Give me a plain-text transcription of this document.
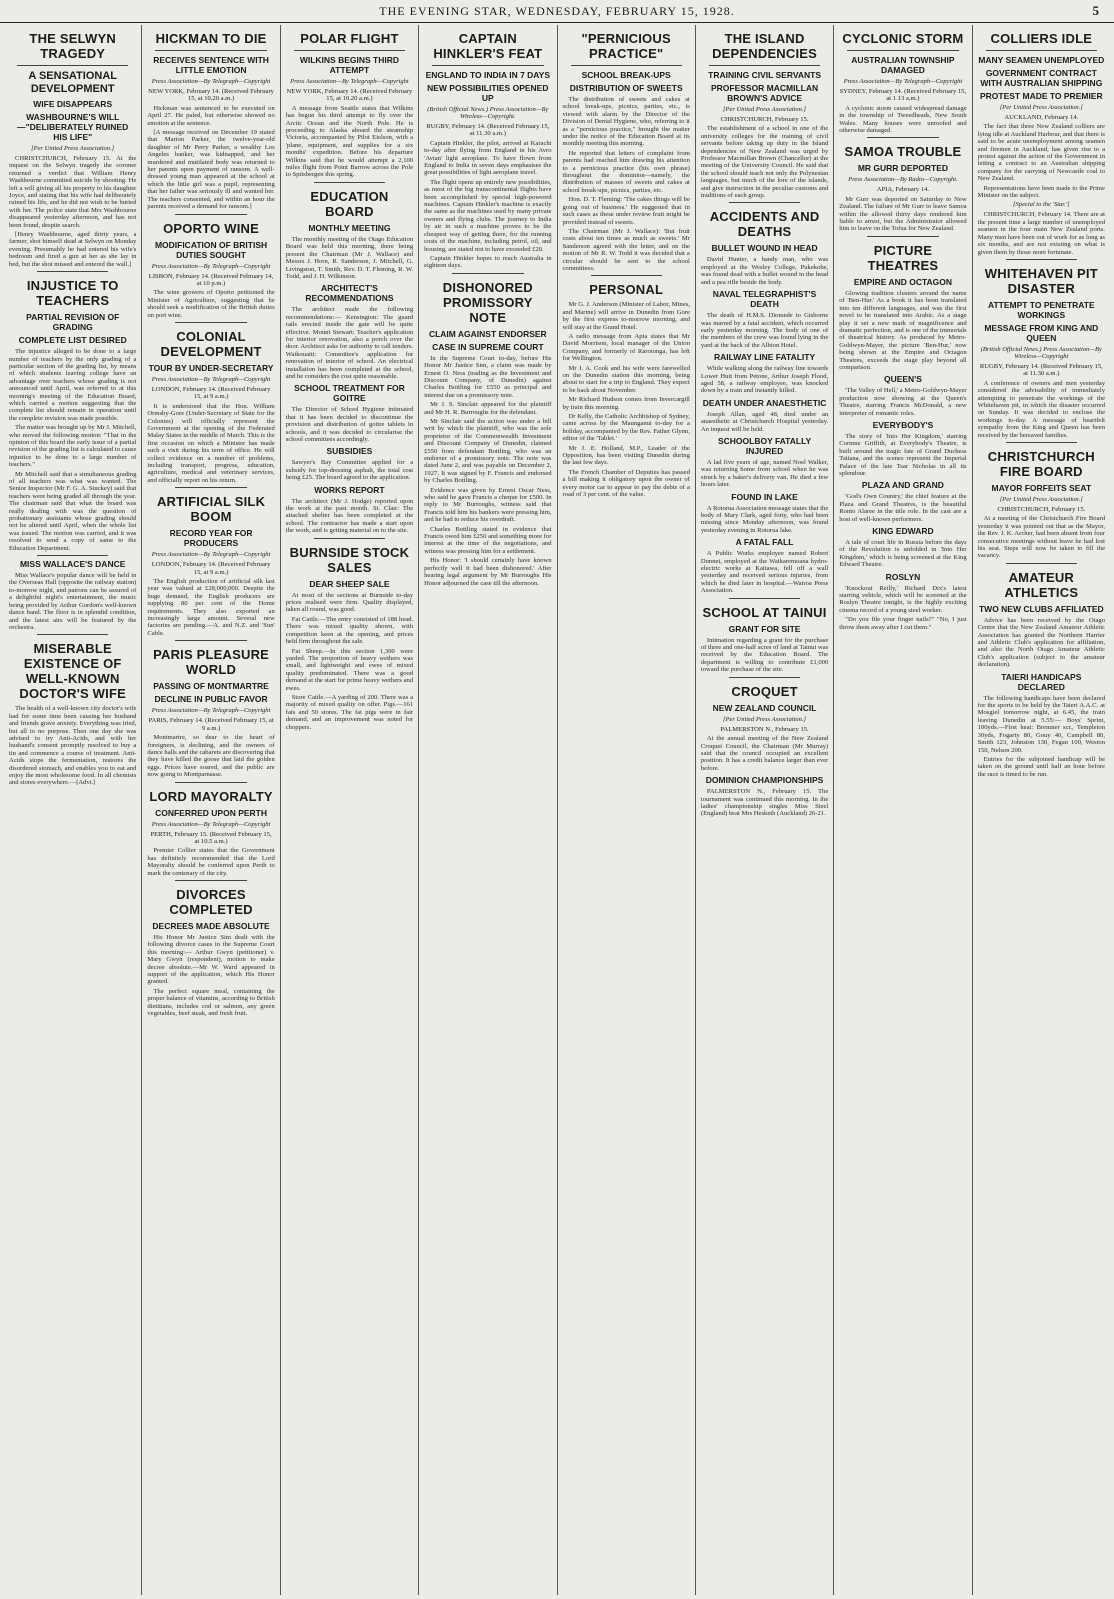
THE EVENING STAR, WEDNESDAY, FEBRUARY 15, 1928.	5
THE SELWYN TRAGEDY
A SENSATIONAL DEVELOPMENT
WIFE DISAPPEARS
WASHBOURNE'S WILL—"DELIBERATELY RUINED HIS LIFE"
[Per United Press Association.]

CHRISTCHURCH, February 15. At the inquest on the Selwyn tragedy the coroner returned a verdict that William Henry Washbourne committed suicide by shooting. He left a will giving all his property to his daughter Joyce, and stating that his wife had deliberately ruined his life, and he did not wish to be buried with her. The police state that Mrs Washbourne disappeared yesterday afternoon, and has not been found, despite search.

[Henry Washbourne, aged thirty years, a farmer, shot himself dead at Selwyn on Monday evening. Presumably he had entered his wife's bedroom and fired a gun at her as she lay in bed, but the shot missed and entered the wall.]

INJUSTICE TO TEACHERS
PARTIAL REVISION OF GRADING
COMPLETE LIST DESIRED

The injustice alleged to be done to a large number of teachers by the only grading of a particular section of the grading list, by means of which students leaving college have an advantage over teachers whose grading is not announced until April, was referred to at this morning's meeting of the Education Board, which carried a motion suggesting that the complete list should remain in operation until the complete revision was made possible.

The matter was brought up by Mr J. Mitchell, who moved the following motion: "That in the opinion of this board the early issue of a partial revision of the grading list is calculated to cause injustice to be done to a large number of teachers."

Mr Mitchell said that a simultaneous grading of all teachers was what was wanted. The Senior Inspector (Mr F. G. A. Stuckey) said that teachers were being graded all through the year. The chairman said that what the board was really dealing with was the question of probationary assistants whose grading should not be altered until April, when the whole list was issued. The motion was carried, and it was resolved to send a copy of same to the Education Department.

MISS WALLACE'S DANCE

Miss Wallace's popular dance will be held in the Overseas Hall (opposite the railway station) to-morrow night, and patrons can be assured of a delightful night's entertainment, the music being provided by Arthur Gordon's well-known dance band. The floor is in splendid condition, and the latest airs will be featured by the orchestra.

MISERABLE EXISTENCE OF WELL-KNOWN DOCTOR'S WIFE

The health of a well-known city doctor's wife had for some time been causing her husband and friends grave anxiety. Everything was tried, but all to no purpose. Then one day she was advised to try Anti-Acids, and with her husband's consent promptly resolved to buy a tin and commence a course of treatment. Anti-Acids stops the fermentation, restores the disordered stomach, and enables you to eat and enjoy the most wholesome food. In all chemists and stores everywhere.—[Advt.]

HICKMAN TO DIE
RECEIVES SENTENCE WITH LITTLE EMOTION
Press Association—By Telegraph—Copyright
NEW YORK, February 14. (Received February 15, at 10.20 a.m.)

Hickman was sentenced to be executed on April 27. He paled, but otherwise showed no emotion at the sentence.

[A message received on December 19 stated that Marion Parker, the twelve-year-old daughter of Mr Perry Parker, a wealthy Los Angeles banker, was kidnapped, and her murdered and mutilated body was returned to her parents upon payment of ransom. A well-dressed young man appeared at the school at which the little girl was a pupil, representing that her father was seriously ill and wanted her. The teachers consented, and within an hour the parents received a demand for ransom.]

OPORTO WINE
MODIFICATION OF BRITISH DUTIES SOUGHT
Press Association—By Telegraph—Copyright
LISBON, February 14. (Received February 14, at 10 p.m.)

The wine growers of Oporto petitioned the Minister of Agriculture, suggesting that he should seek a modification of the British duties on port wine.

COLONIAL DEVELOPMENT
TOUR BY UNDER-SECRETARY
Press Association—By Telegraph—Copyright
LONDON, February 14. (Received February 15, at 9 a.m.)

It is understood that the Hon. William Ormsby-Gore (Under-Secretary of State for the Colonies) will officially represent the Government at the opening of the Federated Malay States in the middle of March. This is the first occasion on which a Minister has made such a visit during his term of office. He will collect evidence on a number of problems, including transport, progress, education, agriculture, medical and veterinary services, and officially report on his return.

ARTIFICIAL SILK BOOM
RECORD YEAR FOR PRODUCERS
Press Association—By Telegraph—Copyright
LONDON, February 14. (Received February 15, at 9 a.m.)

The English production of artificial silk last year was valued at £28,000,000. Despite the huge demand, the English producers are supplying 80 per cent of the Home requirements. They also exported an increasingly large amount. Several new factories are pending.—A. and N.Z. and 'Sun' Cable.

PARIS PLEASURE WORLD
PASSING OF MONTMARTRE
DECLINE IN PUBLIC FAVOR
Press Association—By Telegraph—Copyright
PARIS, February 14. (Received February 15, at 9 a.m.)

Montmartre, so dear to the heart of foreigners, is declining, and the owners of dance halls and the cabarets are discovering that they have killed the goose that laid the golden eggs. Prices have soared, and the public are now going to Montparnasse.

LORD MAYORALTY
CONFERRED UPON PERTH
Press Association—By Telegraph—Copyright
PERTH, February 15. (Received February 15, at 10.5 a.m.)

Premier Collier states that the Government has definitely recommended that the Lord Mayoralty should be conferred upon Perth to mark the centenary of the city.

DIVORCES COMPLETED
DECREES MADE ABSOLUTE

His Honor Mr Justice Sim dealt with the following divorce cases in the Supreme Court this morning:— Arthur Gwyn (petitioner) v. Mary Gwyn (respondent), motion to make decree absolute.—Mr W. Ward appeared in support of the application, which His Honor granted.

The perfect square meal, containing the proper balance of vitamins, according to British dietitians, includes cod or salmon, any green vegetables, beef steak, and fresh fruit.

POLAR FLIGHT
WILKINS BEGINS THIRD ATTEMPT
Press Association—By Telegraph—Copyright
NEW YORK, February 14. (Received February 15, at 10.20 a.m.)

A message from Seattle states that Wilkins has begun his third attempt to fly over the Arctic Ocean and the North Pole. He is proceeding to Alaska aboard the steamship Victoria, accompanied by Pilot Eielson, with a 'plane, equipment, and supplies for a six months' expedition. Before his departure Wilkins said that he would attempt a 2,100 miles flight from Point Barrow across the Pole to Spitsbergen this spring.

EDUCATION BOARD
MONTHLY MEETING

The monthly meeting of the Otago Education Board was held this morning, there being present the Chairman (Mr J. Wallace) and Messrs J. Horn, R. Sanderson, J. Mitchell, G. Livingston, T. Smith, Rev. D. T. Fleming, R. W. Todd, and J. H. Wilkinson.

ARCHITECT'S RECOMMENDATIONS

The architect made the following recommendations:— Kensington: The guard rails erected inside the gate will be quite effective. Mount Stewart: Teacher's application for interior renovation, also a porch over the door. Architect asks for authority to call tenders. Waikouaiti: Committee's application for renovation of interior of school. An electrical installation has been completed at the school, and he considers the cost quite reasonable.

SCHOOL TREATMENT FOR GOITRE

The Director of School Hygiene intimated that it has been decided to discontinue the provision and distribution of goitre tablets in schools, and it was decided to circularise the school committees accordingly.

SUBSIDIES

Sawyer's Bay Committee applied for a subsidy for top-dressing asphalt, the total cost being £25. The board agreed to the application.

WORKS REPORT

The architect (Mr J. Hodge) reported upon the work at the past month. St. Clair: The attached shelter has been completed at the school. The contractor has made a start upon the work, and is getting material on to the site.

BURNSIDE STOCK SALES
DEAR SHEEP SALE

At most of the sections at Burnside to-day prices realised were firm. Quality displayed, taken all round, was good.

Fat Cattle.—The entry consisted of 188 head. There was mixed quality shown, with competition keen at the opening, and prices held firm throughout the sale.

Fat Sheep.—In this section 1,300 were yarded. The proportion of heavy wethers was small, and lightweight and ewes of mixed quality predominated. There was a good demand at the start for prime heavy wethers and ewes.

Store Cattle.—A yarding of 200. There was a majority of mixed quality on offer. Pigs.—161 fats and 50 stores. The fat pigs were in fair demand, and an improvement was noted for choppers.

CAPTAIN HINKLER'S FEAT
ENGLAND TO INDIA IN 7 DAYS
NEW POSSIBILITIES OPENED UP
(British Official News.) Press Association—By Wireless—Copyright.
RUGBY, February 14. (Received February 15, at 11.30 a.m.)

Captain Hinkler, the pilot, arrived at Karachi to-day after flying from England in his Avro 'Avian' light aeroplane. To have flown from England to India in seven days emphasises the great possibilities of light aeroplane travel.

The flight opens up entirely new possibilities, as most of the big transcontinental flights have been accomplished by special high-powered machines. Captain Hinkler's machine is exactly the same as the machines used by many private owners and flying clubs. The journey to India by air in such a machine proves to be the cheapest way of getting there, for the running costs of the machine, including petrol, oil, and housing, are stated not to have exceeded £20.

Captain Hinkler hopes to reach Australia in eighteen days.

DISHONORED PROMISSORY NOTE
CLAIM AGAINST ENDORSER
CASE IN SUPREME COURT

In the Supreme Court to-day, before His Honor Mr Justice Sim, a claim was made by Ernest O. Ness (trading as the Investment and Discount Company, of Dunedin) against Charles Bottling for £550 as principal and interest due on a promissory note.

Mr J. S. Sinclair appeared for the plaintiff and Mr H. R. Burroughs for the defendant.

Mr Sinclair said the action was under a bill writ by which the plaintiff, who was the sole proprietor of the Commonwealth Investment and Discount Company of Dunedin, claimed £550 from defendant Bottling, who was an endorser of a promissory note. The note was dated June 2, and was payable on December 2, 1927. It was signed by F. Francis and endorsed by Charles Bottling.

Evidence was given by Ernest Oscar Ness, who said he gave Francis a cheque for £500. In reply to Mr Burroughs, witness said that Francis told him his bankers were pressing him, and he had to reduce his overdraft.

Charles Bottling stated in evidence that Francis owed him £250 and something more for interest at the time of the negotiations, and witness was pressing him for a settlement.

His Honor: 'I should certainly have known perfectly well it had been dishonored.' After hearing legal argument by Mr Burroughs His Honor adjourned the case till the afternoon.

"PERNICIOUS PRACTICE"
SCHOOL BREAK-UPS
DISTRIBUTION OF SWEETS

The distribution of sweets and cakes at school break-ups, picnics, parties, etc., is viewed with alarm by the Director of the Division of Dental Hygiene, who, referring to it as a "pernicious practice," brought the matter under the notice of the Education Board at its monthly meeting this morning.

He reported that letters of complaint from parents had reached him drawing his attention to a pernicious practice (his own phrase) throughout the dominion—namely, the distribution of masses of sweets and cakes at school break-ups, picnics, parties, etc.

Hon. D. T. Fleming: 'The cakes things will be going out of business.' He suggested that in such cases as these under review fruit might be provided instead of sweets.

The Chairman (Mr J. Wallace): 'But fruit costs about ten times as much as sweets.' Mr Sanderson agreed with the letter, and on the motion of Mr R. W. Todd it was decided that a circular should be sent to the school committees.

PERSONAL

Mr G. J. Anderson (Minister of Labor, Mines, and Marine) will arrive in Dunedin from Gore by the first express to-morrow morning, and will stay at the Grand Hotel.

A radio message from Apia states that Mr David Morrison, local manager of the Union Company, and formerly of Rarotonga, has left for Wellington.

Mr J. A. Cook and his wife were farewelled on the Dunedin station this morning, being about to start for a trip to England. They expect to be back about November.

Mr Richard Hudson comes from Invercargill by train this morning.

Dr Kelly, the Catholic Archbishop of Sydney, came across by the Maunganui to-day for a holiday, accompanied by the Rev. Father Glynn, editor of the 'Tablet.'

Mr J. E. Holland, M.P., Leader of the Opposition, has been visiting Dunedin during the last few days.

The French Chamber of Deputies has passed a bill making it obligatory upon the owner of every motor car to appear to pay the debts of a road of 3 per cent. of the value.

THE ISLAND DEPENDENCIES
TRAINING CIVIL SERVANTS
PROFESSOR MACMILLAN BROWN'S ADVICE
[Per United Press Association.]
CHRISTCHURCH, February 15.

The establishment of a school in one of the university colleges for the training of civil servants before taking up duty in the Island dependencies of New Zealand was urged by Professor Macmillan Brown (Chancellor) at the meeting of the University Council. He said that the school should teach not only the Polynesian languages, but much of the lore of the islands, and give instruction in the peculiar customs and traditions of each group.

ACCIDENTS AND DEATHS
BULLET WOUND IN HEAD

David Hunter, a handy man, who was employed at the Wesley College, Pukekohe, was found dead with a bullet wound in the head and a pea rifle beside the body.

NAVAL TELEGRAPHIST'S DEATH

The death of H.M.S. Diomede to Gisborne was marred by a fatal accident, which occurred early yesterday morning. The body of one of the members of the crew was found lying in the yard at the back of the Albion Hotel.

RAILWAY LINE FATALITY

While walking along the railway line towards Lower Hutt from Petone, Arthur Joseph Flood, aged 58, a railway employee, was knocked down by a train and instantly killed.

DEATH UNDER ANAESTHETIC

Joseph Allan, aged 48, died under an anaesthetic at Christchurch Hospital yesterday. An inquest will be held.

SCHOOLBOY FATALLY INJURED

A lad five years of age, named Noel Walker, was returning home from school when he was struck by a baker's delivery van. He died a few hours later.

FOUND IN LAKE

A Rotorua Association message states that the body of Mary Clark, aged forty, who had been missing since Monday afternoon, was found yesterday evening in Rotorua lake.

A FATAL FALL

A Public Works employee named Robert Dunnet, employed at the Waikaremoana hydro-electric works at Kaitawa, fell off a wall yesterday and received serious injuries, from which he died later in hospital.—Wairoa Press Association.

SCHOOL AT TAINUI
GRANT FOR SITE

Intimation regarding a grant for the purchase of three and one-half acres of land at Tainui was received by the Education Board. The department is willing to contribute £1,000 toward the purchase of the site.

CROQUET
NEW ZEALAND COUNCIL
[Per United Press Association.]
PALMERSTON N., February 15.

At the annual meeting of the New Zealand Croquet Council, the Chairman (Mr Murray) said that the council occupied an excellent position. It has a credit balance larger than ever before.

DOMINION CHAMPIONSHIPS

PALMERSTON N., February 15. The tournament was continued this morning. In the ladies' championship singles Miss Steel (England) beat Mrs Hesketh (Auckland) 26-21.

CYCLONIC STORM
AUSTRALIAN TOWNSHIP DAMAGED
Press Association—By Telegraph—Copyright
SYDNEY, February 14. (Received February 15, at 1.13 a.m.)

A cyclonic storm caused widespread damage in the township of Tweedheads, New South Wales. Many houses were unroofed and otherwise damaged.

SAMOA TROUBLE
MR GURR DEPORTED
Press Association—By Radio—Copyright.
APIA, February 14.

Mr Gurr was deported on Saturday to New Zealand. The failure of Mr Gurr to leave Samoa within the allowed thirty days rendered him liable to arrest, but the Administrator allowed him to leave on the Tofua for New Zealand.

PICTURE THEATRES
EMPIRE AND OCTAGON

Glowing tradition clusters around the name of 'Ben-Hur.' As a book it has been translated into ten different languages, and was the first novel to be translated into Arabic. As a stage play it set a new mark of magnificence and dramatic perfection, and is one of the immortals of theatrical history. As produced by Metro-Goldwyn-Mayer, the picture 'Ben-Hur,' now being shown at the Empire and Octagon Theatres, exceeds the stage play beyond all comparison.

QUEEN'S

'The Valley of Hell,' a Metro-Goldwyn-Mayer production now showing at the Queen's Theatre, starring Francis McDonald, a new interpreter of romantic roles.

EVERYBODY'S

The story of 'Into Her Kingdom,' starring Corinne Griffith, at Everybody's Theatre, is built around the tragic fate of Grand Duchess Tatiana, and the scenes represent the Imperial Palace of the late Tsar Nicholas in all its splendour.

PLAZA AND GRAND

'God's Own Country,' the chief feature at the Plaza and Grand Theatres, is the beautiful Ronto Alaree in the title role. In the cast are a host of well-known performers.

KING EDWARD

A tale of court life in Russia before the days of the Revolution is unfolded in 'Into Her Kingdom,' which is being screened at the King Edward Theatre.

ROSLYN

'Knockout Reilly,' Richard Dix's latest starring vehicle, which will be screened at the Roslyn Theatre tonight, is the highly exciting cinema record of a young steel worker.

"Do you file your finger nails?" "No, I just throw them away after I cut them."

COLLIERS IDLE
MANY SEAMEN UNEMPLOYED
GOVERNMENT CONTRACT WITH AUSTRALIAN SHIPPING
PROTEST MADE TO PREMIER
[Per United Press Association.]
AUCKLAND, February 14.

The fact that three New Zealand colliers are lying idle at Auckland Harbour, and that there is said to be acute unemployment among seamen and firemen in Auckland, has given rise to a protest against the action of the Government in letting a contract to an Australian shipping company for the carrying of Newcastle coal to New Zealand.

Representations have been made to the Prime Minister on the subject.

[Special to the 'Star.']

CHRISTCHURCH, February 14. There are at the present time a large number of unemployed seamen in the four main New Zealand ports. Many men have been out of work for as long as six months, and are not existing on what is given them by those more fortunate.

WHITEHAVEN PIT DISASTER
ATTEMPT TO PENETRATE WORKINGS
MESSAGE FROM KING AND QUEEN
(British Official News.) Press Association—By Wireless—Copyright
RUGBY, February 14. (Received February 15, at 11.30 a.m.)

A conference of owners and men yesterday considered the advisability of immediately attempting to penetrate the workings of the Whitehaven pit, in which the disaster occurred on Sunday. It was decided to enclose the workings to-day. A message of heartfelt sympathy from the King and Queen has been received by the bereaved families.

CHRISTCHURCH FIRE BOARD
MAYOR FORFEITS SEAT
[Per United Press Association.]
CHRISTCHURCH, February 15.

At a meeting of the Christchurch Fire Board yesterday it was pointed out that as the Mayor, the Rev. J. K. Archer, had been absent from four consecutive meetings without leave he had lost his seat. Steps will now be taken to fill the vacancy.

AMATEUR ATHLETICS
TWO NEW CLUBS AFFILIATED

Advice has been received by the Otago Centre that the New Zealand Amateur Athletic Association has granted the Northern Harrier and Athletic Club's application for affiliation, and also the North Otago Amateur Athletic Club's application (subject to the amateur declaration).

TAIERI HANDICAPS DECLARED

The following handicaps have been declared for the sports to be held by the Taieri A.A.C. at Mosgiel tomorrow night, at 6.45, the train leaving Dunedin at 5.55:— Boys' Sprint, 100yds.—First heat: Bremner scr., Templeton 30yds, Fogarty 80, Gouy 40, Campbell 80, Smith 123, Johnston 130, Fegan 100, Weston 150, Nelson 200.

Entries for the subjoined handicap will be taken on the ground until half an hour before the race is timed to be run.
